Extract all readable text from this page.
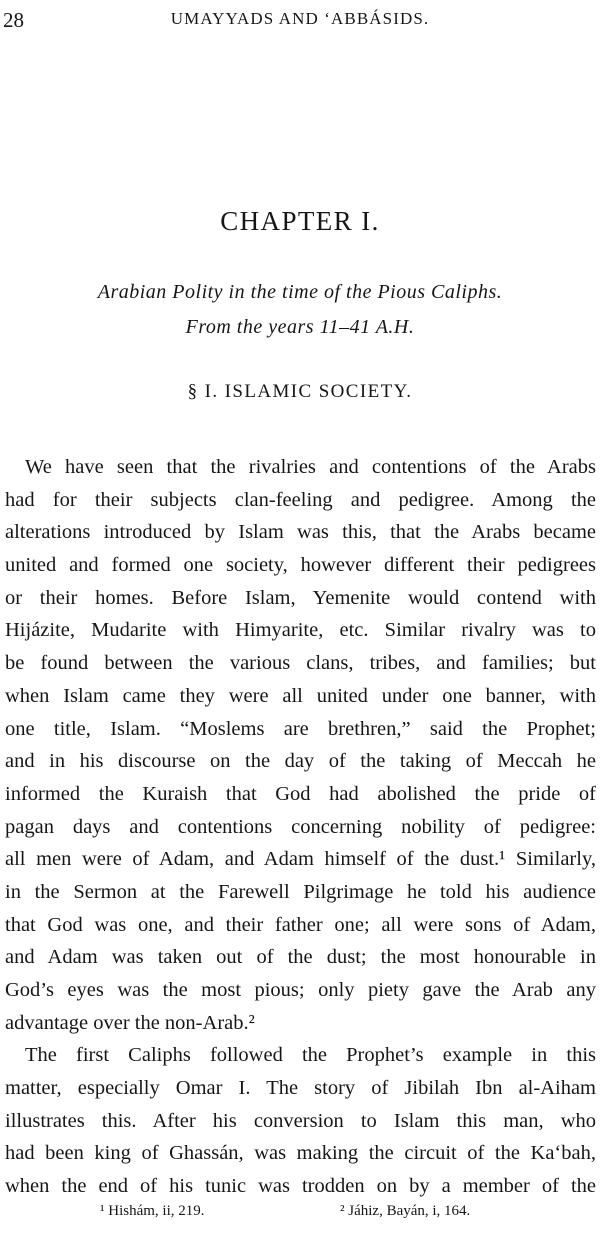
28	UMAYYADS AND ‘ABBÁSIDS.
CHAPTER I.
Arabian Polity in the time of the Pious Caliphs.
From the years 11–41 A.H.
§ I. ISLAMIC SOCIETY.
We have seen that the rivalries and contentions of the Arabs
had for their subjects clan-feeling and pedigree. Among the
alterations introduced by Islam was this, that the Arabs became
united and formed one society, however different their pedigrees
or their homes. Before Islam, Yemenite would contend with
Hijázite, Mudarite with Himyarite, etc. Similar rivalry was to
be found between the various clans, tribes, and families; but
when Islam came they were all united under one banner, with
one title, Islam. “Moslems are brethren,” said the Prophet;
and in his discourse on the day of the taking of Meccah he
informed the Kuraish that God had abolished the pride of
pagan days and contentions concerning nobility of pedigree:
all men were of Adam, and Adam himself of the dust.¹ Similarly,
in the Sermon at the Farewell Pilgrimage he told his audience
that God was one, and their father one; all were sons of Adam,
and Adam was taken out of the dust; the most honourable in
God’s eyes was the most pious; only piety gave the Arab any
advantage over the non-Arab.²
The first Caliphs followed the Prophet’s example in this
matter, especially Omar I. The story of Jibilah Ibn al-Aiham
illustrates this. After his conversion to Islam this man, who
had been king of Ghassán, was making the circuit of the Ka‘bah,
when the end of his tunic was trodden on by a member of the
¹ Hishám, ii, 219.	² Jáhiz, Bayán, i, 164.
